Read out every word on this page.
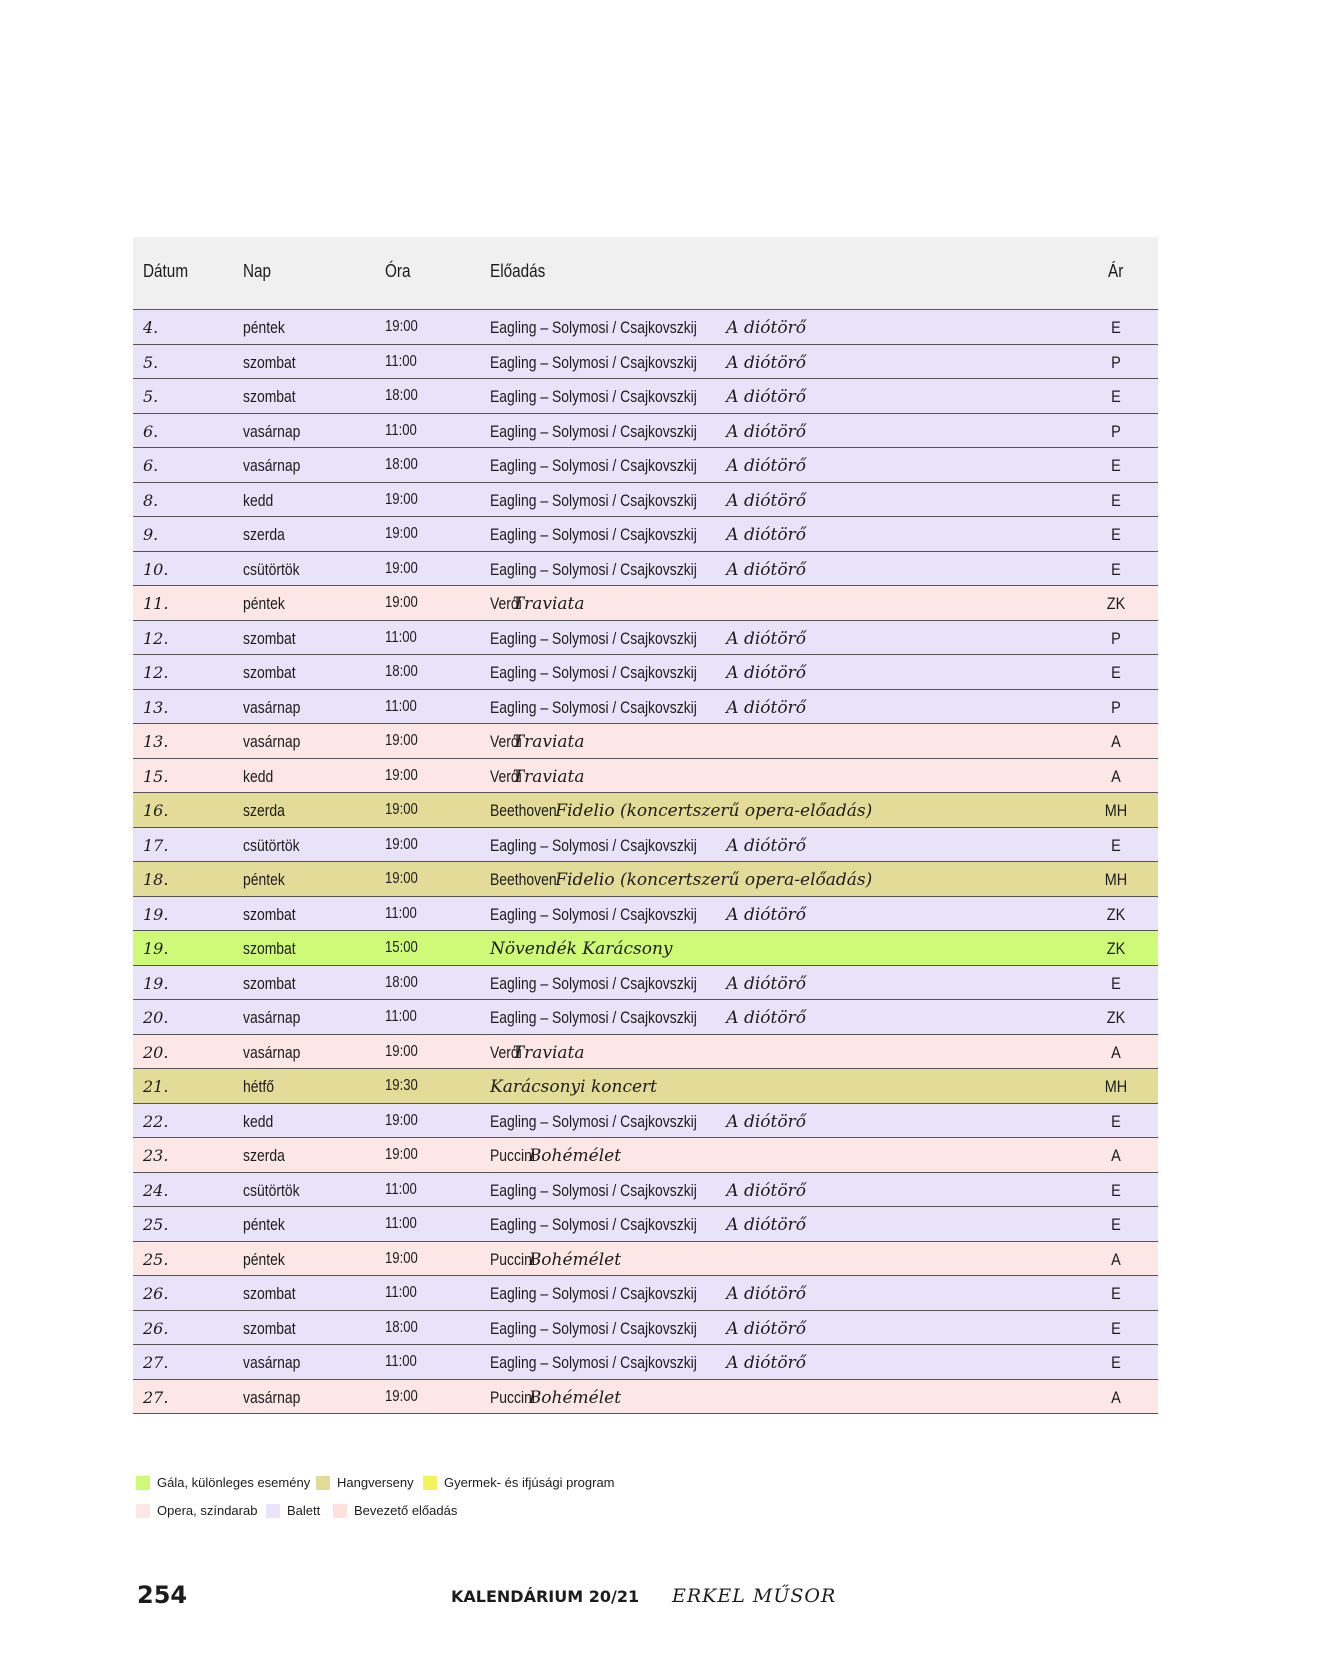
Dátum	Nap	Óra	Előadás	Ár
4.	péntek	19:00	Eagling – Solymosi / Csajkovszkij A diótörő	E
5.	szombat	11:00	Eagling – Solymosi / Csajkovszkij A diótörő	P
5.	szombat	18:00	Eagling – Solymosi / Csajkovszkij A diótörő	E
6.	vasárnap	11:00	Eagling – Solymosi / Csajkovszkij A diótörő	P
6.	vasárnap	18:00	Eagling – Solymosi / Csajkovszkij A diótörő	E
8.	kedd	19:00	Eagling – Solymosi / Csajkovszkij A diótörő	E
9.	szerda	19:00	Eagling – Solymosi / Csajkovszkij A diótörő	E
10.	csütörtök	19:00	Eagling – Solymosi / Csajkovszkij A diótörő	E
11.	péntek	19:00	VerdiTraviata	ZK
12.	szombat	11:00	Eagling – Solymosi / Csajkovszkij A diótörő	P
12.	szombat	18:00	Eagling – Solymosi / Csajkovszkij A diótörő	E
13.	vasárnap	11:00	Eagling – Solymosi / Csajkovszkij A diótörő	P
13.	vasárnap	19:00	VerdiTraviata	A
15.	kedd	19:00	VerdiTraviata	A
16.	szerda	19:00	BeethovenFidelio (koncertszerű opera-előadás)	MH
17.	csütörtök	19:00	Eagling – Solymosi / Csajkovszkij A diótörő	E
18.	péntek	19:00	BeethovenFidelio (koncertszerű opera-előadás)	MH
19.	szombat	11:00	Eagling – Solymosi / Csajkovszkij A diótörő	ZK
19.	szombat	15:00	Növendék Karácsony	ZK
19.	szombat	18:00	Eagling – Solymosi / Csajkovszkij A diótörő	E
20.	vasárnap	11:00	Eagling – Solymosi / Csajkovszkij A diótörő	ZK
20.	vasárnap	19:00	VerdiTraviata	A
21.	hétfő	19:30	Karácsonyi koncert	MH
22.	kedd	19:00	Eagling – Solymosi / Csajkovszkij A diótörő	E
23.	szerda	19:00	PucciniBohémélet	A
24.	csütörtök	11:00	Eagling – Solymosi / Csajkovszkij A diótörő	E
25.	péntek	11:00	Eagling – Solymosi / Csajkovszkij A diótörő	E
25.	péntek	19:00	PucciniBohémélet	A
26.	szombat	11:00	Eagling – Solymosi / Csajkovszkij A diótörő	E
26.	szombat	18:00	Eagling – Solymosi / Csajkovszkij A diótörő	E
27.	vasárnap	11:00	Eagling – Solymosi / Csajkovszkij A diótörő	E
27.	vasárnap	19:00	PucciniBohémélet	A
Gála, különleges esemény Hangverseny Gyermek- és ifjúsági program
Opera, színdarab Balett	Bevezető előadás
254	KALENDÁRIUM 20/21 ERKEL MŰSOR
